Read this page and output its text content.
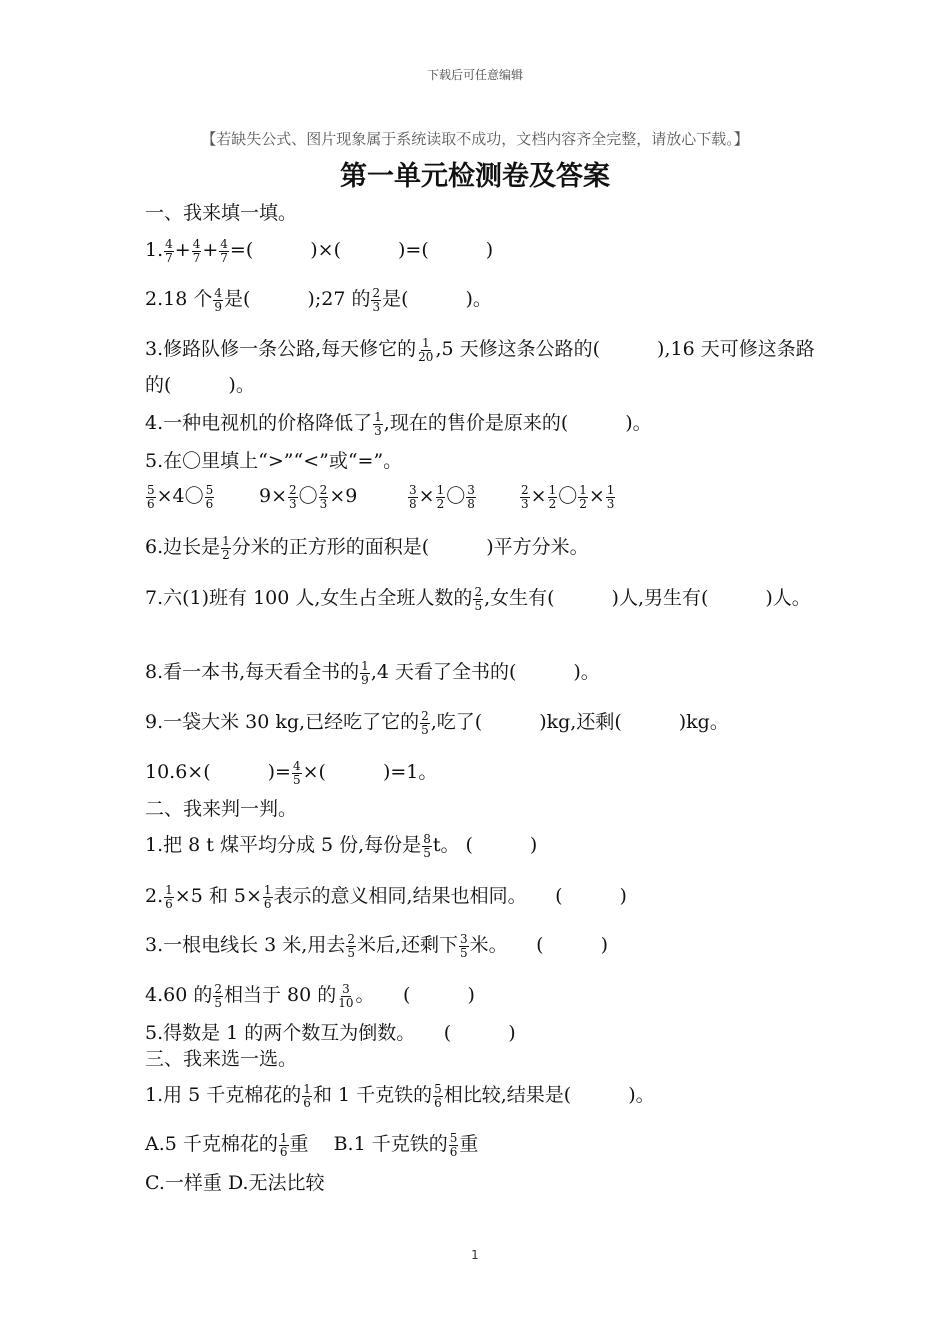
下载后可任意编辑
【若缺失公式、图片现象属于系统读取不成功，文档内容齐全完整，请放心下载。】
第一单元检测卷及答案
一、我来填一填。
1. $\frac{4}{7} + \frac{4}{7} + \frac{4}{7}$ =(　　　)×(　　　)=(　　　)
2.18 个 $\frac{4}{9}$ 是(　　　);27 的 $\frac{2}{3}$ 是(　　　)。
3.修路队修一条公路,每天修它的 $\frac{1}{20} ,5$ 天修这条公路的(　　　),16 天可修这条路的(　　　)。
4.一种电视机的价格降低了 $\frac{1}{3}$ ,现在的售价是原来的(　　　)。
5.在〇里填上“>”“<”或“=”。
$\frac{5}{6} \times 4$〇 $\frac{5}{6} 9\times \frac{2}{3}$ 〇 $\frac{2}{3} \times 9$	$\frac{3}{8} \times \frac{1}{2}$ 〇 $\frac{3}{8}$	$\frac{2}{3} \times \frac{1}{2}$ 〇 $\frac{1}{2} \times \frac{1}{3}$
6.边长是 $\frac{1}{2}$ 分米的正方形的面积是(　　　)平方分米。
7.六(1)班有 100 人,女生占全班人数的 $\frac{2}{5}$ ,女生有(　　　)人,男生有(　　　)人。
8.看一本书,每天看全书的 $\frac{1}{9} ,4$ 天看了全书的(　　　)。
9.一袋大米 30 kg,已经吃了它的 $\frac{2}{5}$ ,吃了(　　　)kg,还剩(　　　)kg。
10.6×(　　　)= $\frac{4}{5}$ ×(　　　)=1。
二、我来判一判。
1.把 8 t 煤平均分成 5 份,每份是 $\frac{8}{5}$ t。 (　　　)
2. $\frac{1}{6} \times 5$ 和 $5\times \frac{1}{6}$ 表示的意义相同,结果也相同。　　(　　　)
3.一根电线长 3 米,用去 $\frac{2}{5}$ 米后,还剩下 $\frac{3}{5}$ 米。　　(　　　)
4.60 的 $\frac{2}{5}$ 相当于 80 的 $\frac{3}{10}$ 。　　(　　　)
5.得数是 1 的两个数互为倒数。　　(　　　)
三、我来选一选。
1.用 5 千克棉花的 $\frac{1}{6}$ 和 1 千克铁的 $\frac{5}{6}$ 相比较,结果是(　　　)。
A.5 千克棉花的 $\frac{1}{6}$ 重　 B.1 千克铁的 $\frac{5}{6}$ 重
C.一样重 D.无法比较
1
